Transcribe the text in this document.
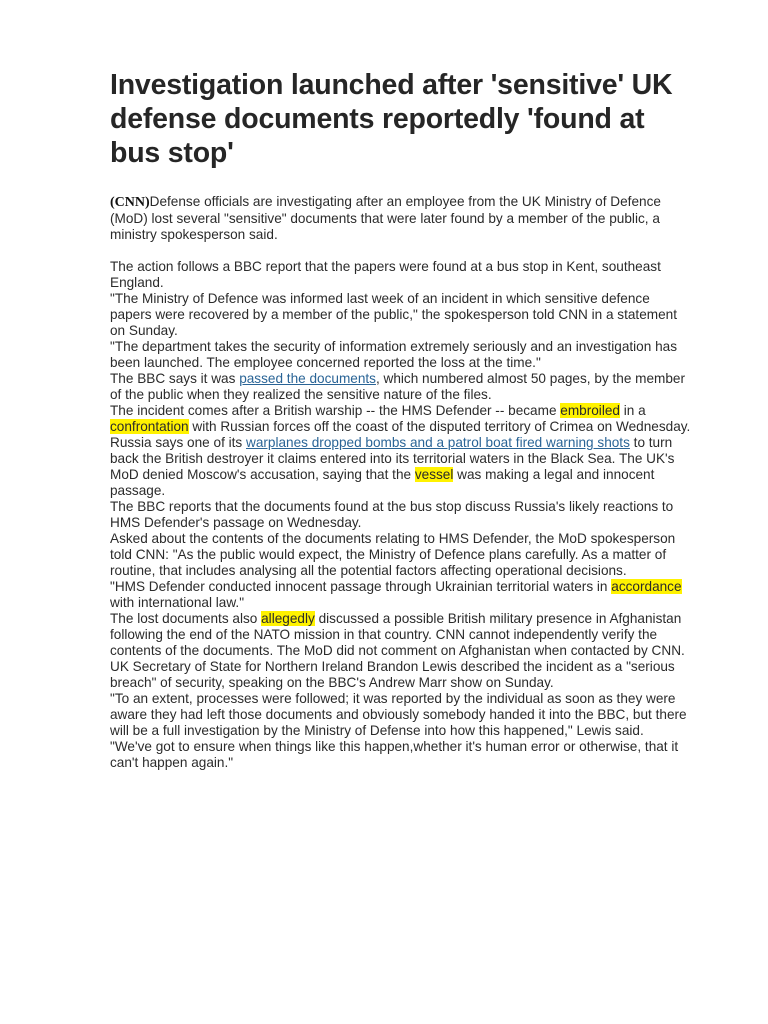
Investigation launched after 'sensitive' UK defense documents reportedly 'found at bus stop'

(CNN)Defense officials are investigating after an employee from the UK Ministry of Defence (MoD) lost several "sensitive" documents that were later found by a member of the public, a ministry spokesperson said.

The action follows a BBC report that the papers were found at a bus stop in Kent, southeast England.

"The Ministry of Defence was informed last week of an incident in which sensitive defence papers were recovered by a member of the public," the spokesperson told CNN in a statement on Sunday.

"The department takes the security of information extremely seriously and an investigation has been launched. The employee concerned reported the loss at the time."

The BBC says it was passed the documents, which numbered almost 50 pages, by the member of the public when they realized the sensitive nature of the files.

The incident comes after a British warship -- the HMS Defender -- became embroiled in a confrontation with Russian forces off the coast of the disputed territory of Crimea on Wednesday. Russia says one of its warplanes dropped bombs and a patrol boat fired warning shots to turn back the British destroyer it claims entered into its territorial waters in the Black Sea. The UK's MoD denied Moscow's accusation, saying that the vessel was making a legal and innocent passage.

The BBC reports that the documents found at the bus stop discuss Russia's likely reactions to HMS Defender's passage on Wednesday.

Asked about the contents of the documents relating to HMS Defender, the MoD spokesperson told CNN: "As the public would expect, the Ministry of Defence plans carefully. As a matter of routine, that includes analysing all the potential factors affecting operational decisions.

"HMS Defender conducted innocent passage through Ukrainian territorial waters in accordance with international law."

The lost documents also allegedly discussed a possible British military presence in Afghanistan following the end of the NATO mission in that country. CNN cannot independently verify the contents of the documents. The MoD did not comment on Afghanistan when contacted by CNN.

UK Secretary of State for Northern Ireland Brandon Lewis described the incident as a "serious breach" of security, speaking on the BBC's Andrew Marr show on Sunday.

"To an extent, processes were followed; it was reported by the individual as soon as they were aware they had left those documents and obviously somebody handed it into the BBC, but there will be a full investigation by the Ministry of Defense into how this happened," Lewis said.

"We've got to ensure when things like this happen,whether it's human error or otherwise, that it can't happen again."
